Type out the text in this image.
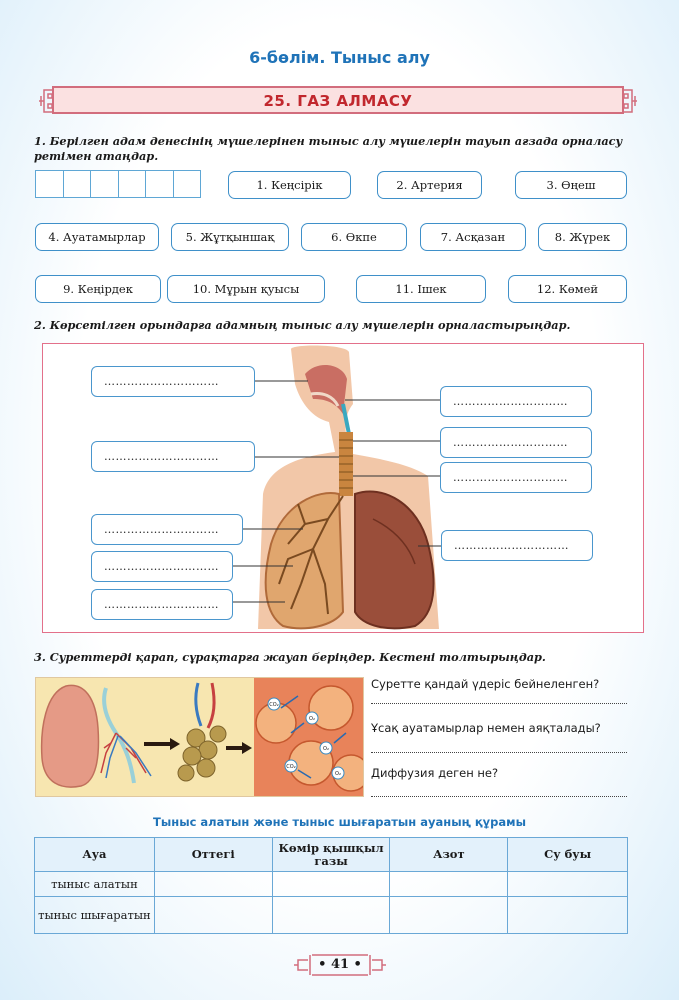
6-бөлім. Тыныс алу
25. ГАЗ АЛМАСУ
1. Берілген адам денесінің мүшелерінен тыныс алу мүшелерін тауып ағзада орналасу ретімен атаңдар.
1. Кеңсірік	2. Артерия	3. Өңеш
4. Ауатамырлар	5. Жұтқыншақ	6. Өкпе	7. Асқазан	8. Жүрек
9. Кеңірдек	10. Мұрын қуысы	11. Ішек	12. Көмей
2. Көрсетілген орындарға адамның тыныс алу мүшелерін орналастырыңдар.
…………………………
…………………………
…………………………
…………………………
…………………………
…………………………
…………………………
…………………………
…………………………
3. Суреттерді қарап, сұрақтарға жауап беріңдер. Кестені толтырыңдар.
CO₂
O₂
CO₂
O₂
O₂
Суретте қандай үдеріс бейнеленген?
Ұсақ ауатамырлар немен аяқталады?
Диффузия деген не?
Тыныс алатын және тыныс шығаратын ауаның құрамы
Ауа	Оттегі	Көмір қышқыл газы	Азот	Су буы
тыныс алатын				
тыныс шығаратын				
• 41 •
